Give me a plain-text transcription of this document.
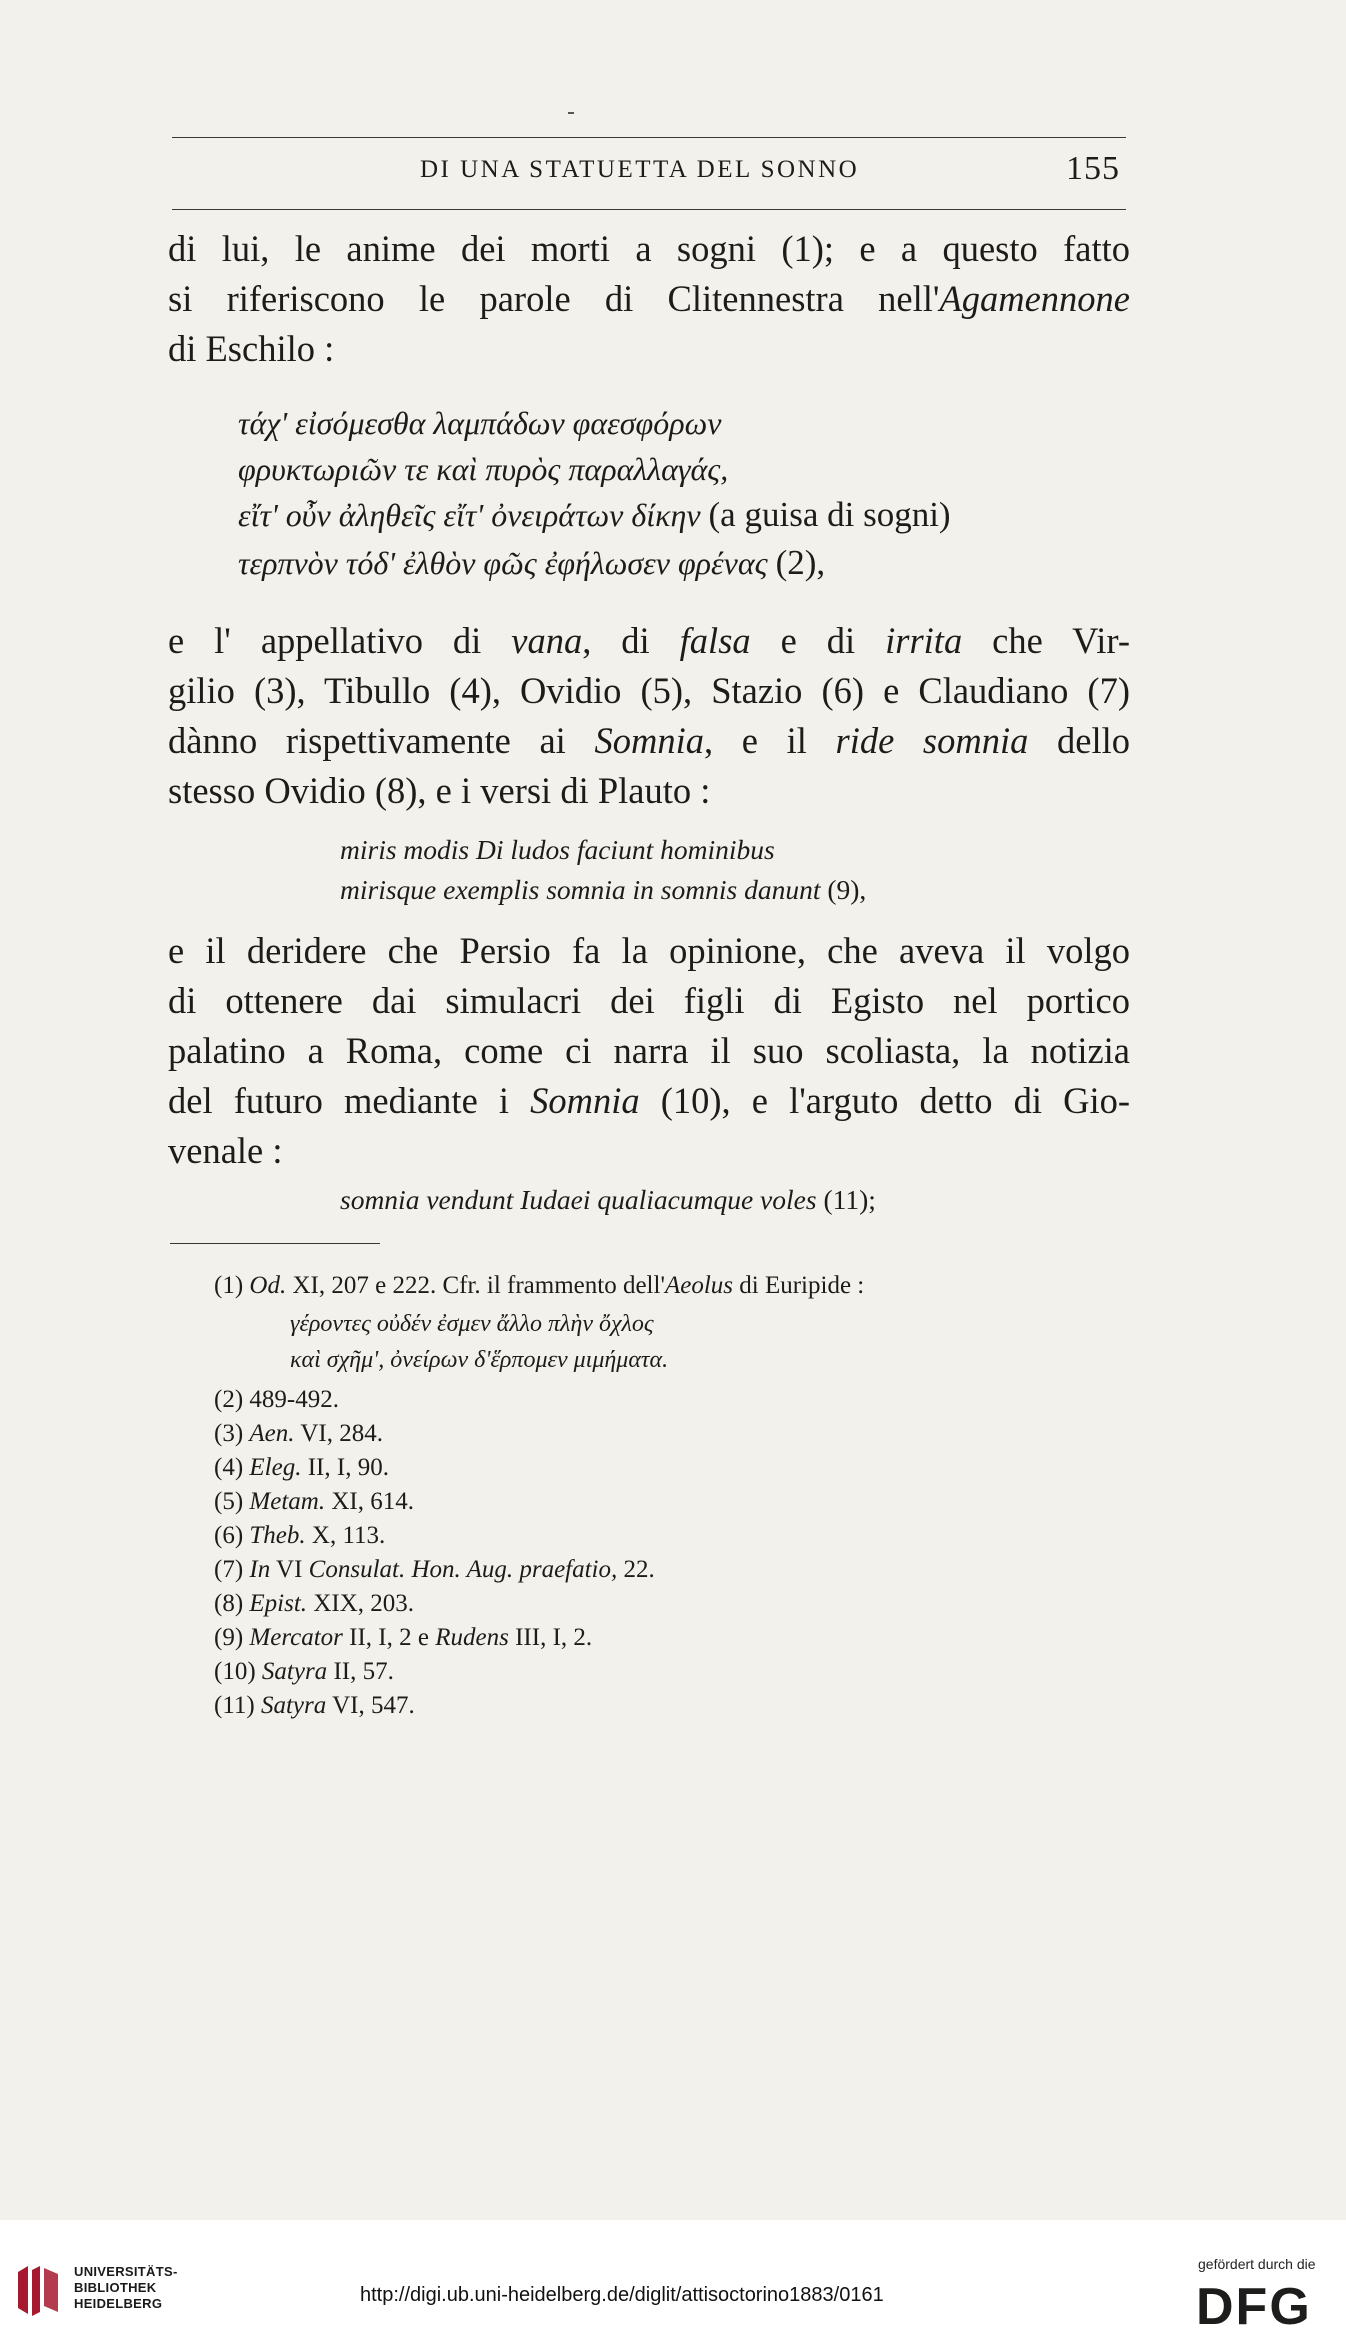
DI UNA STATUETTA DEL SONNO	155
di lui, le anime dei morti a sogni (1); e a questo fatto
si riferiscono le parole di Clitennestra nell'Agamennone
di Eschilo :
τάχ' εἰσόμεσθα λαμπάδων φαεσφόρων
φρυκτωριῶν τε καὶ πυρὸς παραλλαγάς,
εἴτ' οὖν ἀληθεῖς εἴτ' ὀνειράτων δίκην (a guisa di sogni)
τερπνὸν τόδ' ἐλθὸν φῶς ἐφήλωσεν φρένας (2),
e l' appellativo di vana, di falsa e di irrita che Vir-
gilio (3), Tibullo (4), Ovidio (5), Stazio (6) e Claudiano (7)
dànno rispettivamente ai Somnia, e il ride somnia dello
stesso Ovidio (8), e i versi di Plauto :
miris modis Di ludos faciunt hominibus
mirisque exemplis somnia in somnis danunt (9),
e il deridere che Persio fa la opinione, che aveva il volgo
di ottenere dai simulacri dei figli di Egisto nel portico
palatino a Roma, come ci narra il suo scoliasta, la notizia
del futuro mediante i Somnia (10), e l'arguto detto di Gio-
venale :
somnia vendunt Iudaei qualiacumque voles (11);
(1) Od. XI, 207 e 222. Cfr. il frammento dell'Aeolus di Euripide :
γέροντες οὐδέν ἐσμεν ἄλλο πλὴν ὄχλος
καὶ σχῆμ', ὀνείρων δ'ἕρπομεν μιμήματα.
(2) 489-492.
(3) Aen. VI, 284.
(4) Eleg. II, I, 90.
(5) Metam. XI, 614.
(6) Theb. X, 113.
(7) In VI Consulat. Hon. Aug. praefatio, 22.
(8) Epist. XIX, 203.
(9) Mercator II, I, 2 e Rudens III, I, 2.
(10) Satyra II, 57.
(11) Satyra VI, 547.
UNIVERSITÄTS-
BIBLIOTHEK
HEIDELBERG	http://digi.ub.uni-heidelberg.de/diglit/attisoctorino1883/0161
gefördert durch die
DFG
